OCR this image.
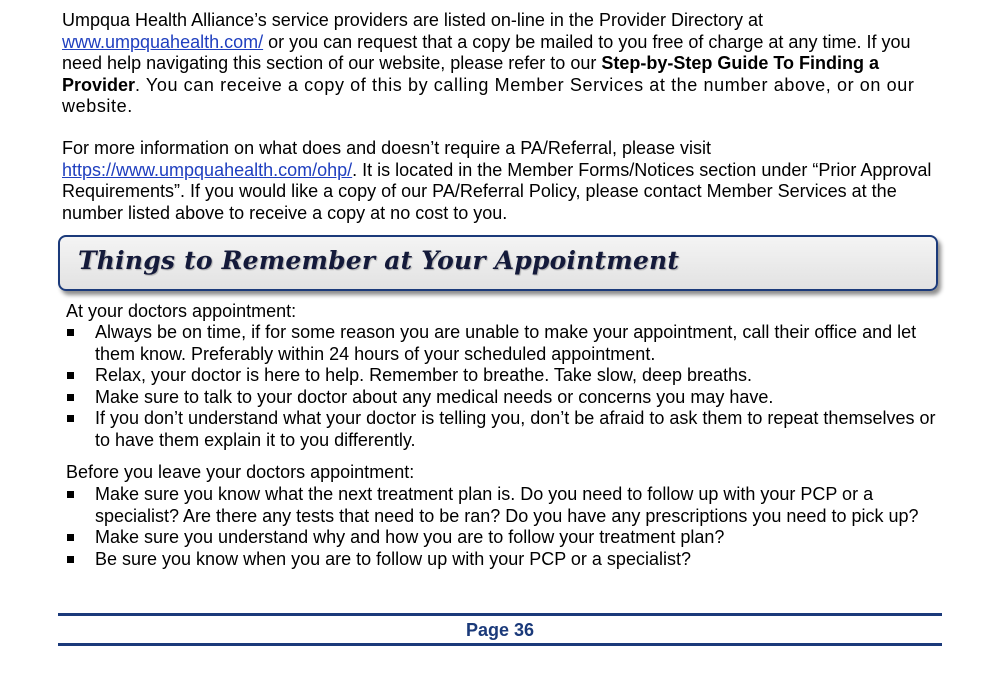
Umpqua Health Alliance’s service providers are listed on-line in the Provider Directory at www.umpquahealth.com/ or you can request that a copy be mailed to you free of charge at any time. If you need help navigating this section of our website, please refer to our Step-by-Step Guide To Finding a Provider. You can receive a copy of this by calling Member Services at the number above, or on our website.

For more information on what does and doesn’t require a PA/Referral, please visit https://www.umpquahealth.com/ohp/. It is located in the Member Forms/Notices section under “Prior Approval Requirements”. If you would like a copy of our PA/Referral Policy, please contact Member Services at the number listed above to receive a copy at no cost to you.

Things to Remember at Your Appointment

At your doctors appointment:

Always be on time, if for some reason you are unable to make your appointment, call their office and let them know. Preferably within 24 hours of your scheduled appointment.
Relax, your doctor is here to help. Remember to breathe. Take slow, deep breaths.
Make sure to talk to your doctor about any medical needs or concerns you may have.
If you don’t understand what your doctor is telling you, don’t be afraid to ask them to repeat themselves or to have them explain it to you differently.

Before you leave your doctors appointment:

Make sure you know what the next treatment plan is. Do you need to follow up with your PCP or a specialist? Are there any tests that need to be ran? Do you have any prescriptions you need to pick up?
Make sure you understand why and how you are to follow your treatment plan?
Be sure you know when you are to follow up with your PCP or a specialist?
Page 36
